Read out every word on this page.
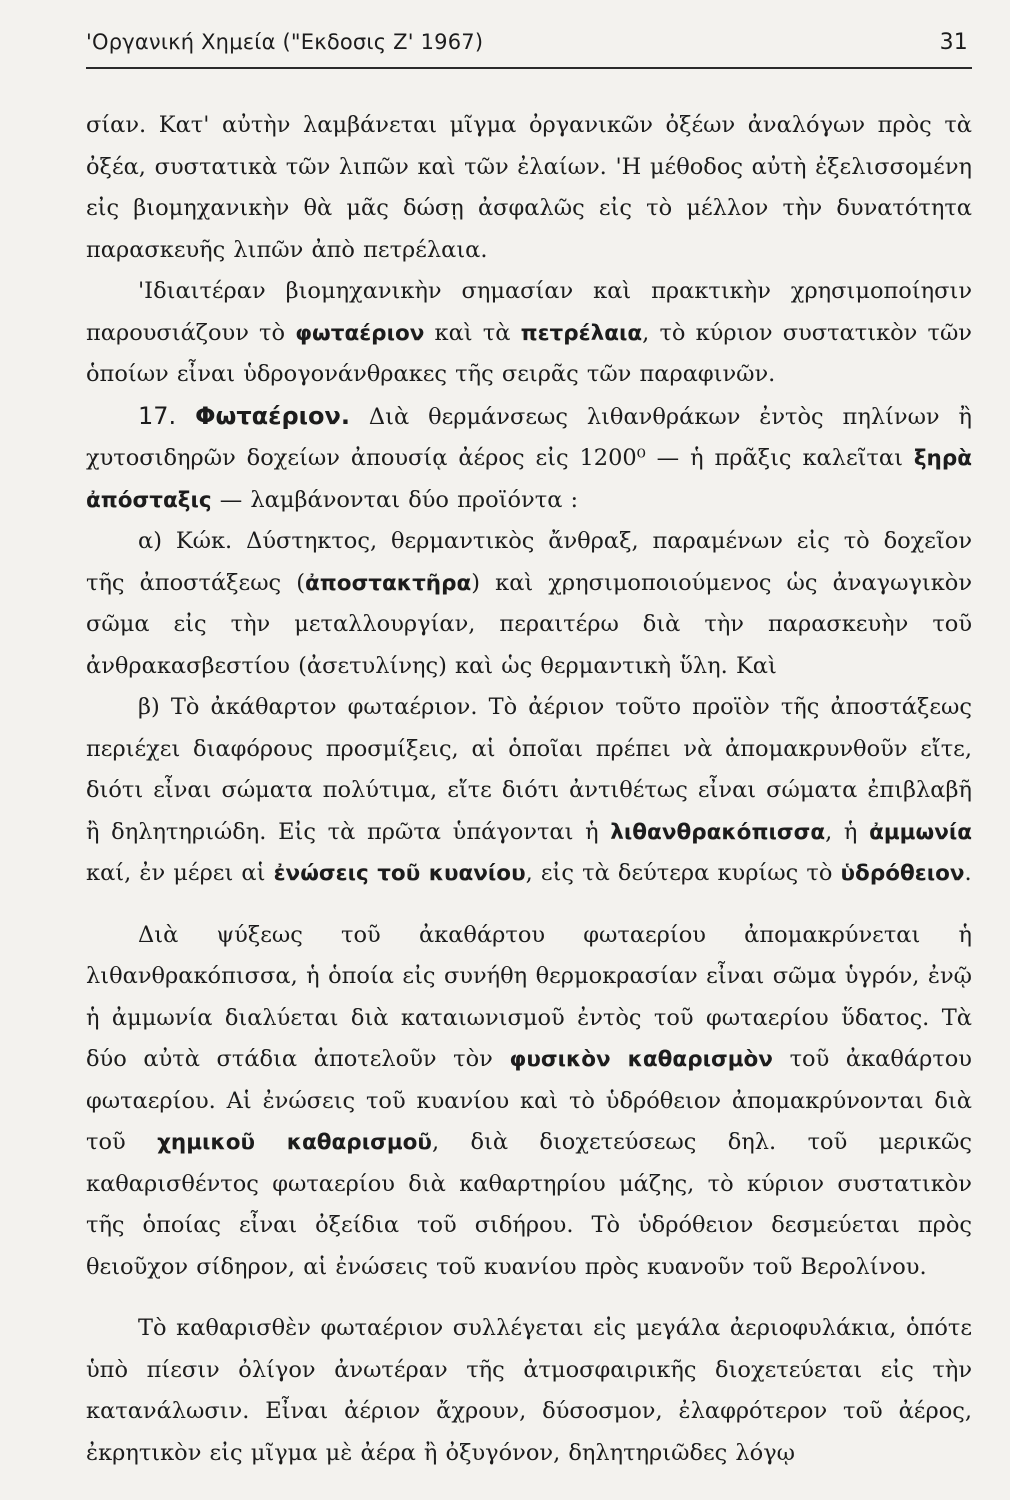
'Οργανική Χημεία ("Εκδοσις Ζ' 1967)	31

σίαν. Κατ' αὐτὴν λαμβάνεται μῖγμα ὀργανικῶν ὀξέων ἀναλόγων πρὸς τὰ ὀξέα, συστατικὰ τῶν λιπῶν καὶ τῶν ἐλαίων. 'Η μέθοδος αὐτὴ ἐξελισσομένη εἰς βιομηχανικὴν θὰ μᾶς δώσῃ ἀσφαλῶς εἰς τὸ μέλλον τὴν δυνατότητα παρασκευῆς λιπῶν ἀπὸ πετρέλαια.

'Ιδιαιτέραν βιομηχανικὴν σημασίαν καὶ πρακτικὴν χρησιμοποίησιν παρουσιάζουν τὸ φωταέριον καὶ τὰ πετρέλαια, τὸ κύριον συστατικὸν τῶν ὁποίων εἶναι ὑδρογονάνθρακες τῆς σειρᾶς τῶν παραφινῶν.

17. Φωταέριον. Διὰ θερμάνσεως λιθανθράκων ἐντὸς πηλίνων ἢ χυτοσιδηρῶν δοχείων ἀπουσίᾳ ἀέρος εἰς 1200⁰ — ἡ πρᾶξις καλεῖται ξηρὰ ἀπόσταξις — λαμβάνονται δύο προϊόντα :

α) Κώκ. Δύστηκτος, θερμαντικὸς ἄνθραξ, παραμένων εἰς τὸ δοχεῖον τῆς ἀποστάξεως (ἀποστακτῆρα) καὶ χρησιμοποιούμενος ὡς ἀναγωγικὸν σῶμα εἰς τὴν μεταλλουργίαν, περαιτέρω διὰ τὴν παρασκευὴν τοῦ ἀνθρακασβεστίου (ἀσετυλίνης) καὶ ὡς θερμαντικὴ ὕλη. Καὶ

β) Τὸ ἀκάθαρτον φωταέριον. Τὸ ἀέριον τοῦτο προϊὸν τῆς ἀποστάξεως περιέχει διαφόρους προσμίξεις, αἱ ὁποῖαι πρέπει νὰ ἀπομακρυνθοῦν εἴτε, διότι εἶναι σώματα πολύτιμα, εἴτε διότι ἀντιθέτως εἶναι σώματα ἐπιβλαβῆ ἢ δηλητηριώδη. Εἰς τὰ πρῶτα ὑπάγονται ἡ λιθανθρακόπισσα, ἡ ἀμμωνία καί, ἐν μέρει αἱ ἐνώσεις τοῦ κυανίου, εἰς τὰ δεύτερα κυρίως τὸ ὑδρόθειον.

Διὰ ψύξεως τοῦ ἀκαθάρτου φωταερίου ἀπομακρύνεται ἡ λιθανθρακόπισσα, ἡ ὁποία εἰς συνήθη θερμοκρασίαν εἶναι σῶμα ὑγρόν, ἐνῷ ἡ ἀμμωνία διαλύεται διὰ καταιωνισμοῦ ἐντὸς τοῦ φωταερίου ὕδατος. Τὰ δύο αὐτὰ στάδια ἀποτελοῦν τὸν φυσικὸν καθαρισμὸν τοῦ ἀκαθάρτου φωταερίου. Αἱ ἐνώσεις τοῦ κυανίου καὶ τὸ ὑδρόθειον ἀπομακρύνονται διὰ τοῦ χημικοῦ καθαρισμοῦ, διὰ διοχετεύσεως δηλ. τοῦ μερικῶς καθαρισθέντος φωταερίου διὰ καθαρτηρίου μάζης, τὸ κύριον συστατικὸν τῆς ὁποίας εἶναι ὀξείδια τοῦ σιδήρου. Τὸ ὑδρόθειον δεσμεύεται πρὸς θειοῦχον σίδηρον, αἱ ἐνώσεις τοῦ κυανίου πρὸς κυανοῦν τοῦ Βερολίνου.

Τὸ καθαρισθὲν φωταέριον συλλέγεται εἰς μεγάλα ἀεριοφυλάκια, ὁπότε ὑπὸ πίεσιν ὀλίγον ἀνωτέραν τῆς ἀτμοσφαιρικῆς διοχετεύεται εἰς τὴν κατανάλωσιν. Εἶναι ἀέριον ἄχρουν, δύσοσμον, ἐλαφρότερον τοῦ ἀέρος, ἐκρητικὸν εἰς μῖγμα μὲ ἀέρα ἢ ὀξυγόνον, δηλητηριῶδες λόγῳ
